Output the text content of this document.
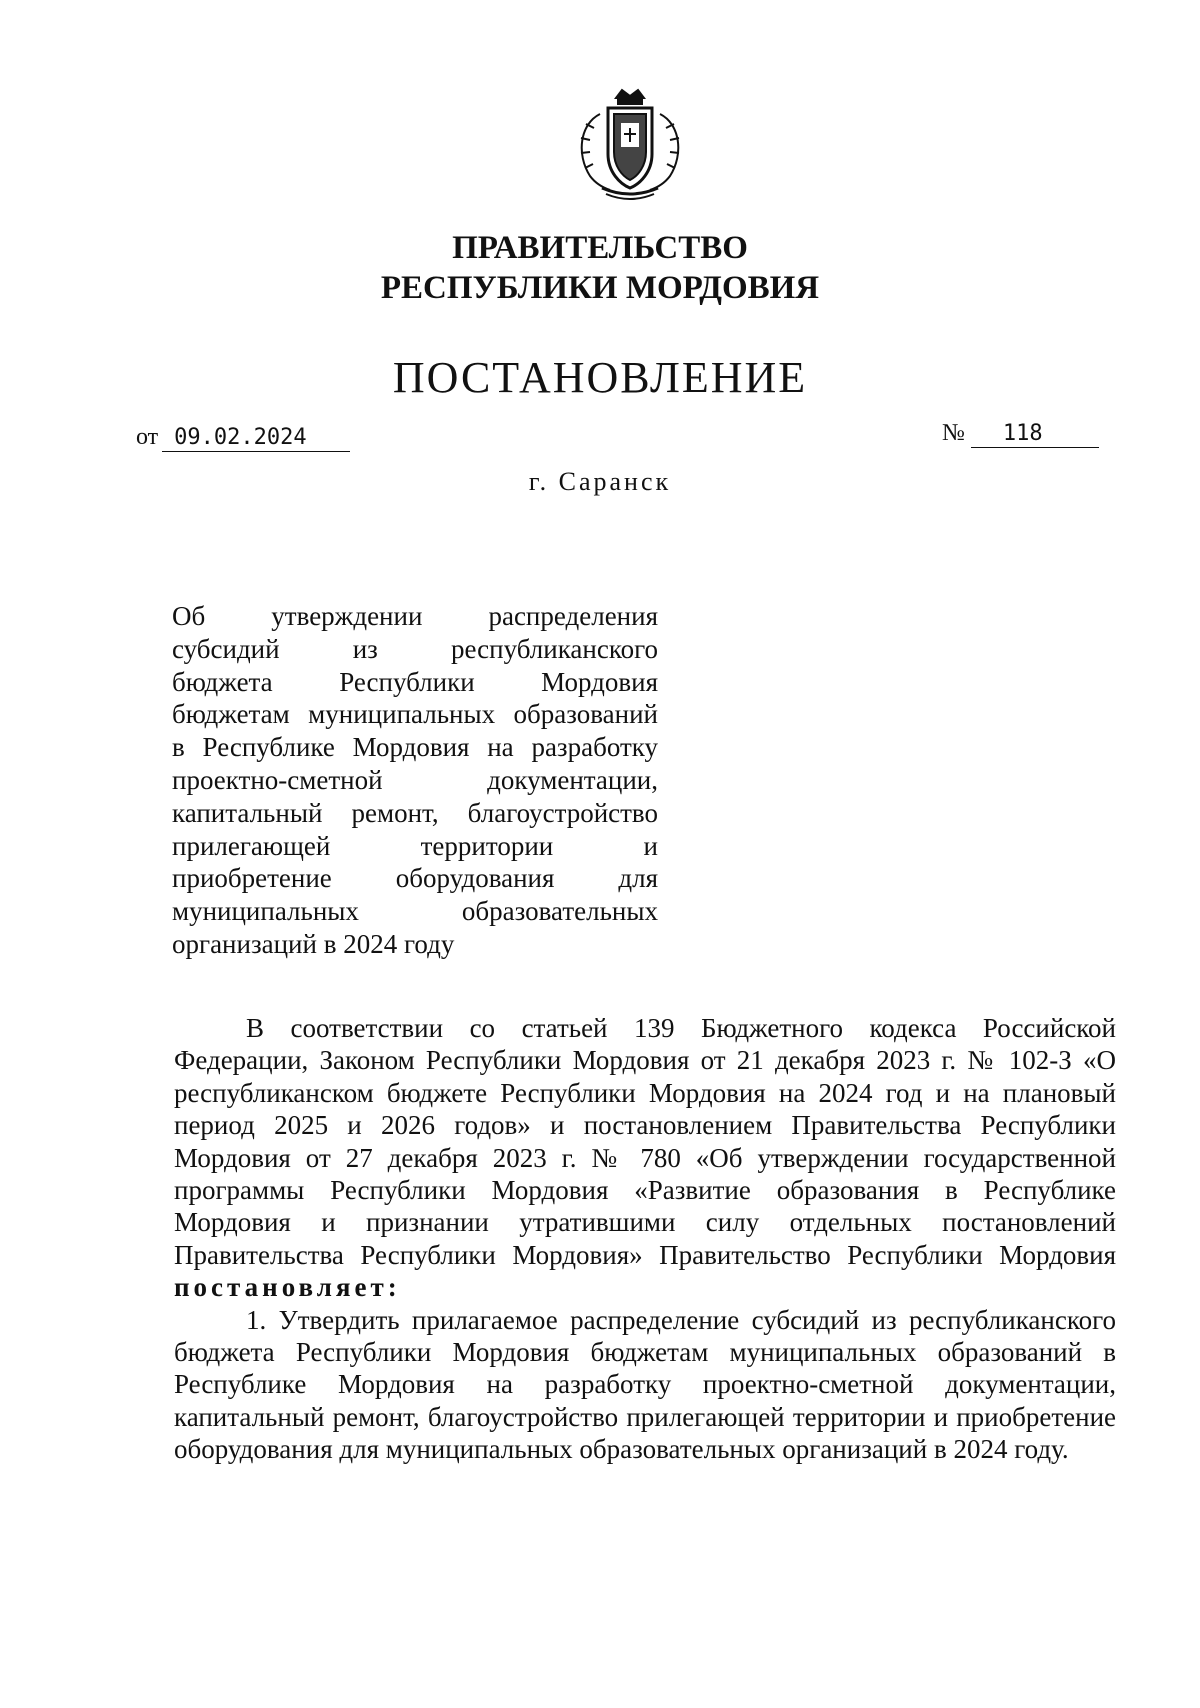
ПРАВИТЕЛЬСТВО
РЕСПУБЛИКИ МОРДОВИЯ
ПОСТАНОВЛЕНИЕ
от 09.02.2024	№ 118
г. Саранск
Об утверждении распределения
субсидий из республиканского
бюджета Республики Мордовия
бюджетам муниципальных образований
в Республике Мордовия на разработку
проектно-сметной документации,
капитальный ремонт, благоустройство
прилегающей территории и
приобретение оборудования для
муниципальных образовательных
организаций в 2024 году

В соответствии со статьей 139 Бюджетного кодекса Российской Федерации, Законом Республики Мордовия от 21 декабря 2023 г. № 102-З «О республиканском бюджете Республики Мордовия на 2024 год и на плановый период 2025 и 2026 годов» и постановлением Правительства Республики Мордовия от 27 декабря 2023 г. № 780 «Об утверждении государственной программы Республики Мордовия «Развитие образования в Республике Мордовия и признании утратившими силу отдельных постановлений Правительства Республики Мордовия» Правительство Республики Мордовия постановляет:

1. Утвердить прилагаемое распределение субсидий из республиканского бюджета Республики Мордовия бюджетам муниципальных образований в Республике Мордовия на разработку проектно-сметной документации, капитальный ремонт, благоустройство прилегающей территории и приобретение оборудования для муниципальных образовательных организаций в 2024 году.
